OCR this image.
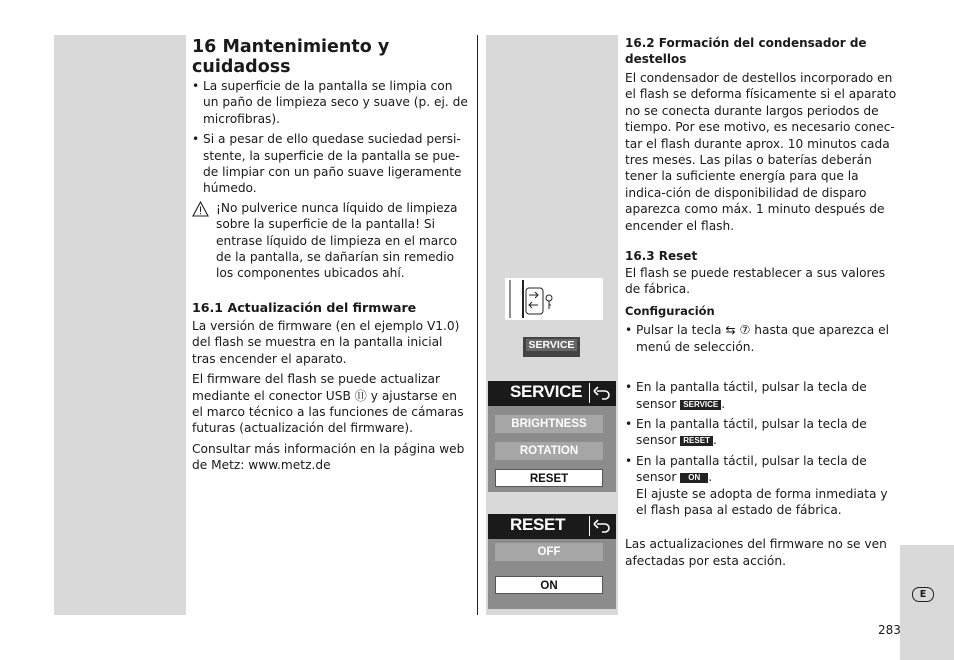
16 Mantenimiento y cuidadoss
• La superficie de la pantalla se limpia con un paño de limpieza seco y suave (p. ej. de microfibras).
• Si a pesar de ello quedase suciedad persi-stente, la superficie de la pantalla se pue-de limpiar con un paño suave ligeramente húmedo.
¡No pulverice nunca líquido de limpieza sobre la superficie de la pantalla! Si entrase líquido de limpieza en el marco de la pantalla, se dañarían sin remedio los componentes ubicados ahí.
16.1 Actualización del firmware

La versión de firmware (en el ejemplo V1.0) del flash se muestra en la pantalla inicial tras encender el aparato.

El firmware del flash se puede actualizar mediante el conector USB ⑪ y ajustarse en el marco técnico a las funciones de cámaras futuras (actualización del firmware).

Consultar más información en la página web de Metz: www.metz.de

SERVICE
SERVICE
BRIGHTNESS
ROTATION
RESET
RESET
OFF
ON
16.2 Formación del condensador de destellos

El condensador de destellos incorporado en el flash se deforma físicamente si el aparato no se conecta durante largos periodos de tiempo. Por ese motivo, es necesario conec-tar el flash durante aprox. 10 minutos cada tres meses. Las pilas o baterías deberán tener la suficiente energía para que la indica-ción de disponibilidad de disparo aparezca como máx. 1 minuto después de encender el flash.

16.3 Reset

El flash se puede restablecer a sus valores de fábrica.

Configuración

• Pulsar la tecla ⇆ ⑦ hasta que aparezca el menú de selección.
• En la pantalla táctil, pulsar la tecla de sensor SERVICE .
• En la pantalla táctil, pulsar la tecla de sensor RESET .
• En la pantalla táctil, pulsar la tecla de sensor ON .
El ajuste se adopta de forma inmediata y el flash pasa al estado de fábrica.

Las actualizaciones del firmware no se ven afectadas por esta acción.

E
283
